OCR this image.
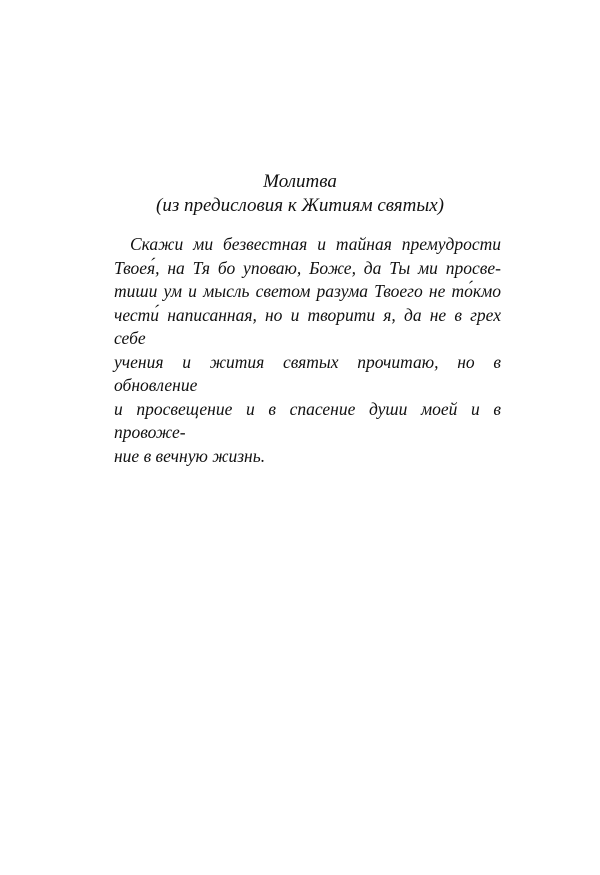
Молитва
(из предисловия к Житиям святых)
Скажи ми безвестная и тайная премудрости
Твоея́, на Тя бо уповаю, Боже, да Ты ми просве-
тиши ум и мысль светом разума Твоего не то́кмо
чести́ написанная, но и творити я, да не в грех себе
учения и жития святых прочитаю, но в обновление
и просвещение и в спасение души моей и в провоже-
ние в вечную жизнь.
